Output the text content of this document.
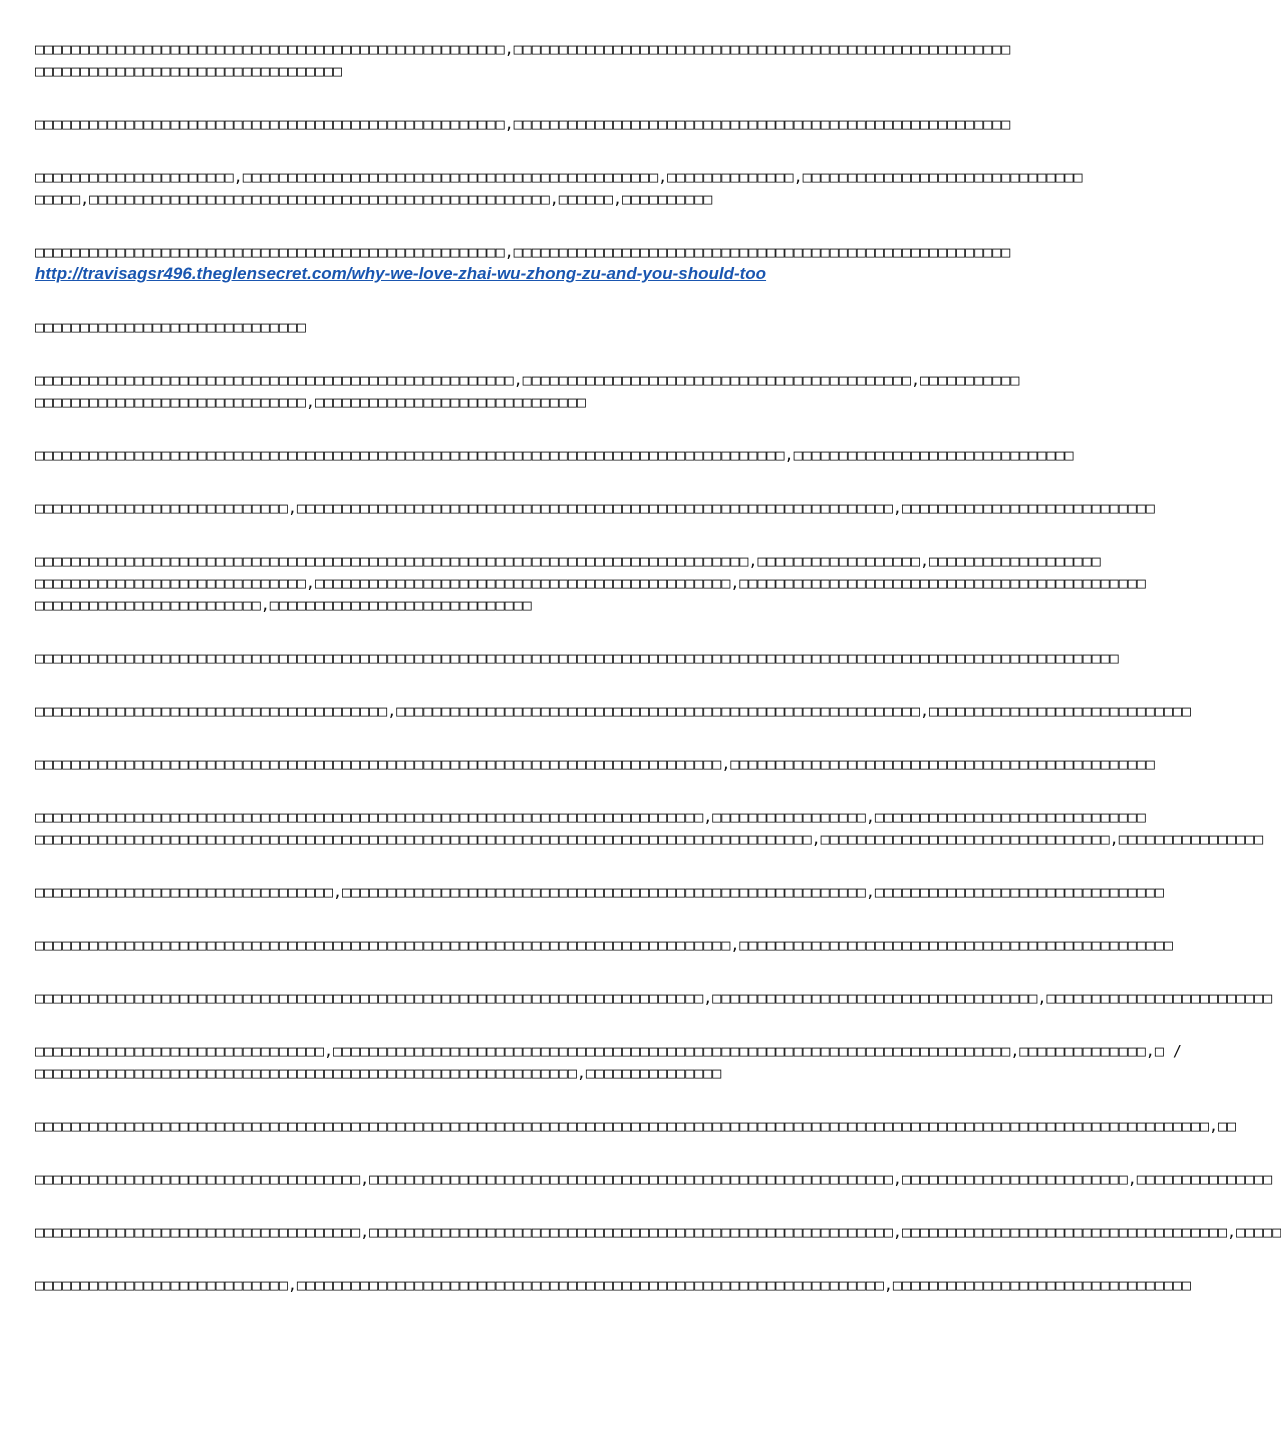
□□□□□□□□□□□□□□□□□□□□□□□□□□□□□□□□□□□□□□□□□□□□□□□□□□□□,□□□□□□□□□□□□□□□□□□□□□□□□□□□□□□□□□□□□□□□□□□□□□□□□□□□□□□□
□□□□□□□□□□□□□□□□□□□□□□□□□□□□□□□□□□
□□□□□□□□□□□□□□□□□□□□□□□□□□□□□□□□□□□□□□□□□□□□□□□□□□□□,□□□□□□□□□□□□□□□□□□□□□□□□□□□□□□□□□□□□□□□□□□□□□□□□□□□□□□□
□□□□□□□□□□□□□□□□□□□□□□,□□□□□□□□□□□□□□□□□□□□□□□□□□□□□□□□□□□□□□□□□□□□□□,□□□□□□□□□□□□□□,□□□□□□□□□□□□□□□□□□□□□□□□□□□□□□□
□□□□□,□□□□□□□□□□□□□□□□□□□□□□□□□□□□□□□□□□□□□□□□□□□□□□□□□□□,□□□□□□,□□□□□□□□□□
□□□□□□□□□□□□□□□□□□□□□□□□□□□□□□□□□□□□□□□□□□□□□□□□□□□□,□□□□□□□□□□□□□□□□□□□□□□□□□□□□□□□□□□□□□□□□□□□□□□□□□□□□□□□
http://travisagsr496.theglensecret.com/why-we-love-zhai-wu-zhong-zu-and-you-should-too
□□□□□□□□□□□□□□□□□□□□□□□□□□□□□□
□□□□□□□□□□□□□□□□□□□□□□□□□□□□□□□□□□□□□□□□□□□□□□□□□□□□□,□□□□□□□□□□□□□□□□□□□□□□□□□□□□□□□□□□□□□□□□□□□,□□□□□□□□□□□
□□□□□□□□□□□□□□□□□□□□□□□□□□□□□□,□□□□□□□□□□□□□□□□□□□□□□□□□□□□□□
□□□□□□□□□□□□□□□□□□□□□□□□□□□□□□□□□□□□□□□□□□□□□□□□□□□□□□□□□□□□□□□□□□□□□□□□□□□□□□□□□□□,□□□□□□□□□□□□□□□□□□□□□□□□□□□□□□□
□□□□□□□□□□□□□□□□□□□□□□□□□□□□,□□□□□□□□□□□□□□□□□□□□□□□□□□□□□□□□□□□□□□□□□□□□□□□□□□□□□□□□□□□□□□□□□□,□□□□□□□□□□□□□□□□□□□□□□□□□□□□
□□□□□□□□□□□□□□□□□□□□□□□□□□□□□□□□□□□□□□□□□□□□□□□□□□□□□□□□□□□□□□□□□□□□□□□□□□□□□□□,□□□□□□□□□□□□□□□□□□,□□□□□□□□□□□□□□□□□□□
□□□□□□□□□□□□□□□□□□□□□□□□□□□□□□,□□□□□□□□□□□□□□□□□□□□□□□□□□□□□□□□□□□□□□□□□□□□□□,□□□□□□□□□□□□□□□□□□□□□□□□□□□□□□□□□□□□□□□□□□□□□
□□□□□□□□□□□□□□□□□□□□□□□□□,□□□□□□□□□□□□□□□□□□□□□□□□□□□□□
□□□□□□□□□□□□□□□□□□□□□□□□□□□□□□□□□□□□□□□□□□□□□□□□□□□□□□□□□□□□□□□□□□□□□□□□□□□□□□□□□□□□□□□□□□□□□□□□□□□□□□□□□□□□□□□□□□□□□□□□
□□□□□□□□□□□□□□□□□□□□□□□□□□□□□□□□□□□□□□□,□□□□□□□□□□□□□□□□□□□□□□□□□□□□□□□□□□□□□□□□□□□□□□□□□□□□□□□□□□,□□□□□□□□□□□□□□□□□□□□□□□□□□□□□
□□□□□□□□□□□□□□□□□□□□□□□□□□□□□□□□□□□□□□□□□□□□□□□□□□□□□□□□□□□□□□□□□□□□□□□□□□□□,□□□□□□□□□□□□□□□□□□□□□□□□□□□□□□□□□□□□□□□□□□□□□□□
□□□□□□□□□□□□□□□□□□□□□□□□□□□□□□□□□□□□□□□□□□□□□□□□□□□□□□□□□□□□□□□□□□□□□□□□□□,□□□□□□□□□□□□□□□□□,□□□□□□□□□□□□□□□□□□□□□□□□□□□□□□
□□□□□□□□□□□□□□□□□□□□□□□□□□□□□□□□□□□□□□□□□□□□□□□□□□□□□□□□□□□□□□□□□□□□□□□□□□□□□□□□□□□□□□,□□□□□□□□□□□□□□□□□□□□□□□□□□□□□□□□,□□□□□□□□□□□□□□□□
□□□□□□□□□□□□□□□□□□□□□□□□□□□□□□□□□,□□□□□□□□□□□□□□□□□□□□□□□□□□□□□□□□□□□□□□□□□□□□□□□□□□□□□□□□□□,□□□□□□□□□□□□□□□□□□□□□□□□□□□□□□□□
□□□□□□□□□□□□□□□□□□□□□□□□□□□□□□□□□□□□□□□□□□□□□□□□□□□□□□□□□□□□□□□□□□□□□□□□□□□□□,□□□□□□□□□□□□□□□□□□□□□□□□□□□□□□□□□□□□□□□□□□□□□□□□
□□□□□□□□□□□□□□□□□□□□□□□□□□□□□□□□□□□□□□□□□□□□□□□□□□□□□□□□□□□□□□□□□□□□□□□□□□,□□□□□□□□□□□□□□□□□□□□□□□□□□□□□□□□□□□□,□□□□□□□□□□□□□□□□□□□□□□□□□
□□□□□□□□□□□□□□□□□□□□□□□□□□□□□□□□,□□□□□□□□□□□□□□□□□□□□□□□□□□□□□□□□□□□□□□□□□□□□□□□□□□□□□□□□□□□□□□□□□□□□□□□□□□□,□□□□□□□□□□□□□□,□ /
□□□□□□□□□□□□□□□□□□□□□□□□□□□□□□□□□□□□□□□□□□□□□□□□□□□□□□□□□□□□,□□□□□□□□□□□□□□□
□□□□□□□□□□□□□□□□□□□□□□□□□□□□□□□□□□□□□□□□□□□□□□□□□□□□□□□□□□□□□□□□□□□□□□□□□□□□□□□□□□□□□□□□□□□□□□□□□□□□□□□□□□□□□□□□□□□□□□□□□□□□□□□□□□,□□
□□□□□□□□□□□□□□□□□□□□□□□□□□□□□□□□□□□□,□□□□□□□□□□□□□□□□□□□□□□□□□□□□□□□□□□□□□□□□□□□□□□□□□□□□□□□□□□,□□□□□□□□□□□□□□□□□□□□□□□□□,□□□□□□□□□□□□□□□
□□□□□□□□□□□□□□□□□□□□□□□□□□□□□□□□□□□□,□□□□□□□□□□□□□□□□□□□□□□□□□□□□□□□□□□□□□□□□□□□□□□□□□□□□□□□□□□,□□□□□□□□□□□□□□□□□□□□□□□□□□□□□□□□□□□□,□□□□□
□□□□□□□□□□□□□□□□□□□□□□□□□□□□,□□□□□□□□□□□□□□□□□□□□□□□□□□□□□□□□□□□□□□□□□□□□□□□□□□□□□□□□□□□□□□□□□,□□□□□□□□□□□□□□□□□□□□□□□□□□□□□□□□□
